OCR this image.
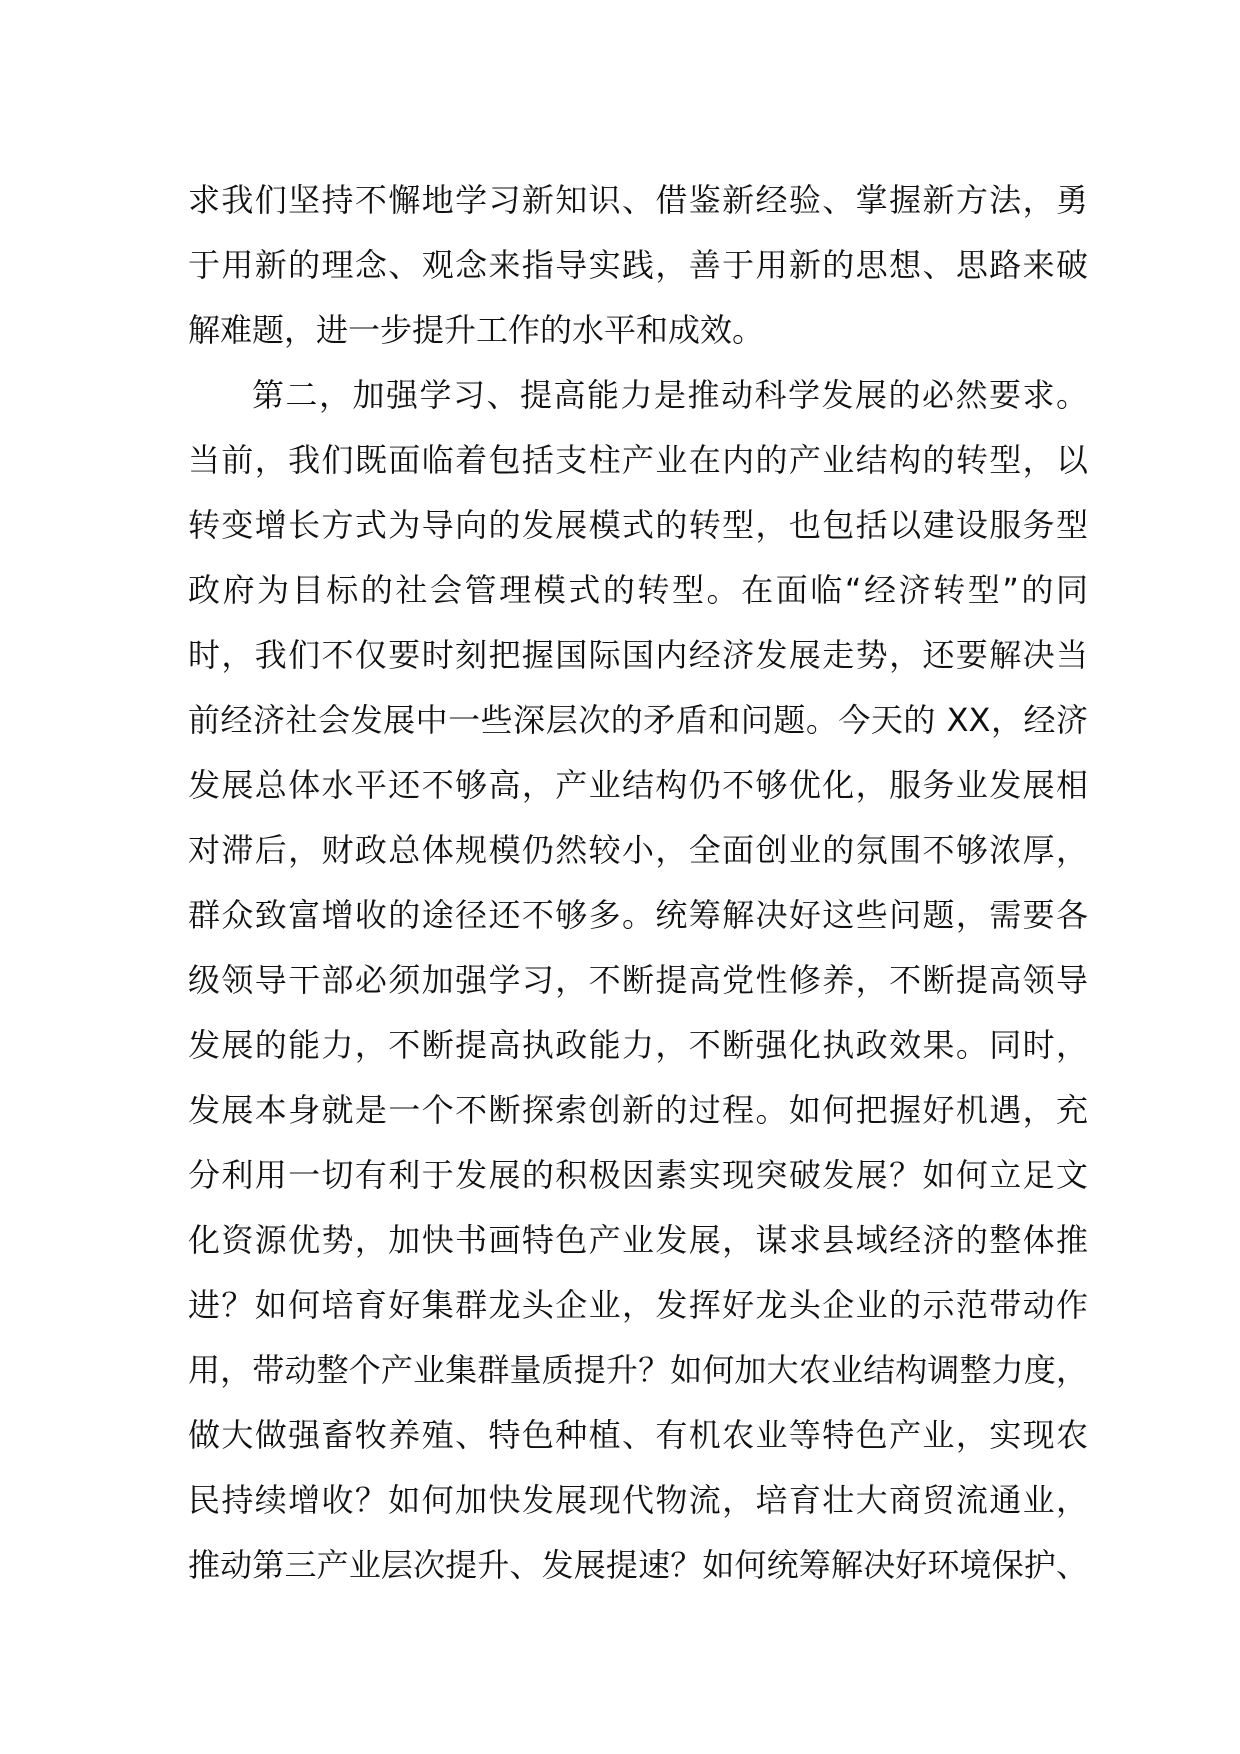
求我们坚持不懈地学习新知识、借鉴新经验、掌握新方法，勇
于用新的理念、观念来指导实践，善于用新的思想、思路来破
解难题，进一步提升工作的水平和成效。
第二，加强学习、提高能力是推动科学发展的必然要求。
当前，我们既面临着包括支柱产业在内的产业结构的转型，以
转变增长方式为导向的发展模式的转型，也包括以建设服务型
政府为目标的社会管理模式的转型。在面临“经济转型”的同
时，我们不仅要时刻把握国际国内经济发展走势，还要解决当
前经济社会发展中一些深层次的矛盾和问题。今天的 XX，经济
发展总体水平还不够高，产业结构仍不够优化，服务业发展相
对滞后，财政总体规模仍然较小，全面创业的氛围不够浓厚，
群众致富增收的途径还不够多。统筹解决好这些问题，需要各
级领导干部必须加强学习，不断提高党性修养，不断提高领导
发展的能力，不断提高执政能力，不断强化执政效果。同时，
发展本身就是一个不断探索创新的过程。如何把握好机遇，充
分利用一切有利于发展的积极因素实现突破发展？如何立足文
化资源优势，加快书画特色产业发展，谋求县域经济的整体推
进？如何培育好集群龙头企业，发挥好龙头企业的示范带动作
用，带动整个产业集群量质提升？如何加大农业结构调整力度，
做大做强畜牧养殖、特色种植、有机农业等特色产业，实现农
民持续增收？如何加快发展现代物流，培育壮大商贸流通业，
推动第三产业层次提升、发展提速？如何统筹解决好环境保护、
